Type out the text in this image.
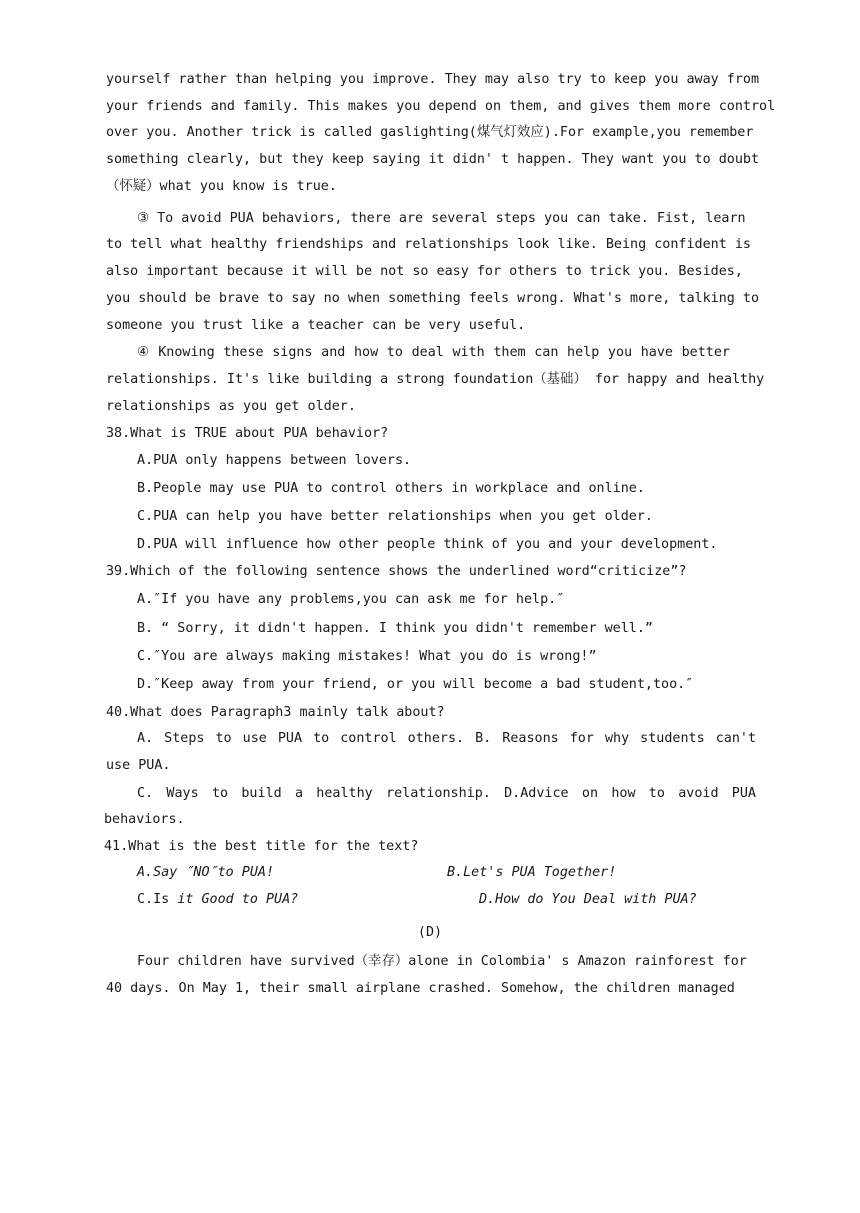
yourself rather than helping you improve. They may also try to keep you away from
your friends and family. This makes you depend on them, and gives them more control
over you. Another trick is called gaslighting(煤气灯效应).For example,you remember
something clearly, but they keep saying it didn' t happen. They want you to doubt
（怀疑）what you know is true.
③ To avoid PUA behaviors, there are several steps you can take. Fist, learn
to tell what healthy friendships and relationships look like. Being confident is
also important because it will be not so easy for others to trick you. Besides,
you should be brave to say no when something feels wrong. What's more, talking to
someone you trust like a teacher can be very useful.
④ Knowing these signs and how to deal with them can help you have better
relationships. It's like building a strong foundation（基础） for happy and healthy
relationships as you get older.
38.What is TRUE about PUA behavior?
A.PUA only happens between lovers.
B.People may use PUA to control others in workplace and online.
C.PUA can help you have better relationships when you get older.
D.PUA will influence how other people think of you and your development.
39.Which of the following sentence shows the underlined word“criticize”?
A.″If you have any problems,you can ask me for help.″
B. “ Sorry, it didn't happen. I think you didn't remember well.”
C.″You are always making mistakes! What you do is wrong!”
D.″Keep away from your friend, or you will become a bad student,too.″
40.What does Paragraph3 mainly talk about?
A. Steps to use PUA to control others. B. Reasons for why students can't
use PUA.
C. Ways to build a healthy relationship. D.Advice on how to avoid PUA
behaviors.
41.What is the best title for the text?
A.Say ″NO″to PUA!	B.Let's PUA Together!
C.Is it Good to PUA?	D.How do You Deal with PUA?
(D)
Four children have survived（幸存）alone in Colombia' s Amazon rainforest for
40 days. On May 1, their small airplane crashed. Somehow, the children managed
